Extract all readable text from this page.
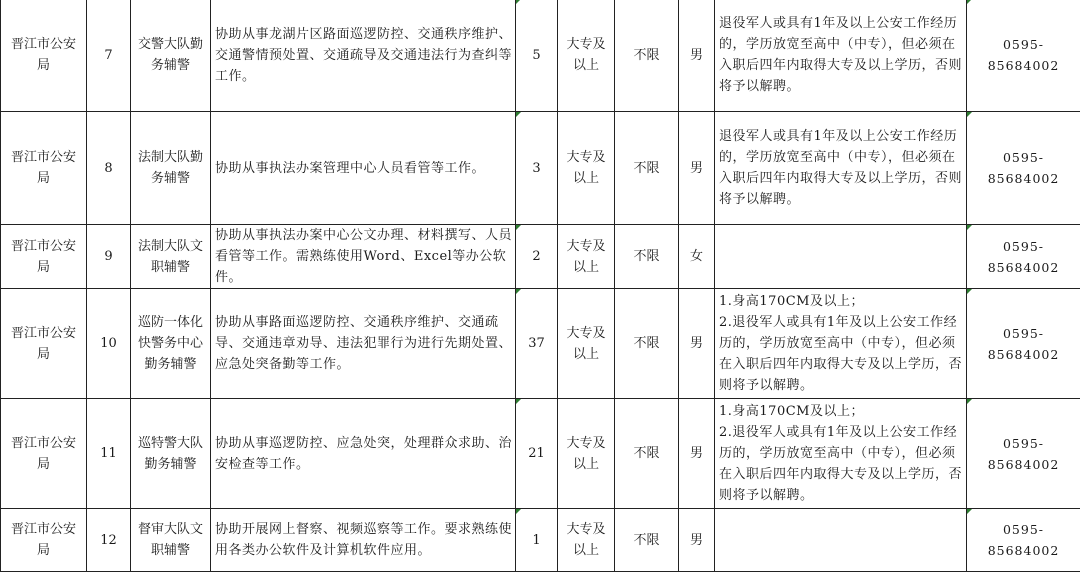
晋江市公安局	7	交警大队勤务辅警	协助从事龙湖片区路面巡逻防控、交通秩序维护、交通警情预处置、交通疏导及交通违法行为查纠等工作。	5	大专及以上	不限	男	退役军人或具有1年及以上公安工作经历的，学历放宽至高中（中专），但必须在入职后四年内取得大专及以上学历，否则将予以解聘。	0595-85684002

晋江市公安局	8	法制大队勤务辅警	协助从事执法办案管理中心人员看管等工作。	3	大专及以上	不限	男	退役军人或具有1年及以上公安工作经历的，学历放宽至高中（中专），但必须在入职后四年内取得大专及以上学历，否则将予以解聘。	0595-85684002

晋江市公安局	9	法制大队文职辅警	协助从事执法办案中心公文办理、材料撰写、人员看管等工作。需熟练使用Word、Excel等办公软件。	2	大专及以上	不限	女		0595-85684002

晋江市公安局	10	巡防一体化快警务中心勤务辅警	协助从事路面巡逻防控、交通秩序维护、交通疏导、交通违章劝导、违法犯罪行为进行先期处置、应急处突备勤等工作。	37	大专及以上	不限	男	1.身高170CM及以上；
2.退役军人或具有1年及以上公安工作经历的，学历放宽至高中（中专），但必须在入职后四年内取得大专及以上学历，否则将予以解聘。	0595-85684002

晋江市公安局	11	巡特警大队勤务辅警	协助从事巡逻防控、应急处突，处理群众求助、治安检查等工作。	21	大专及以上	不限	男	1.身高170CM及以上；
2.退役军人或具有1年及以上公安工作经历的，学历放宽至高中（中专），但必须在入职后四年内取得大专及以上学历，否则将予以解聘。	0595-85684002

晋江市公安局	12	督审大队文职辅警	协助开展网上督察、视频巡察等工作。要求熟练使用各类办公软件及计算机软件应用。	1	大专及以上	不限	男		0595-85684002
